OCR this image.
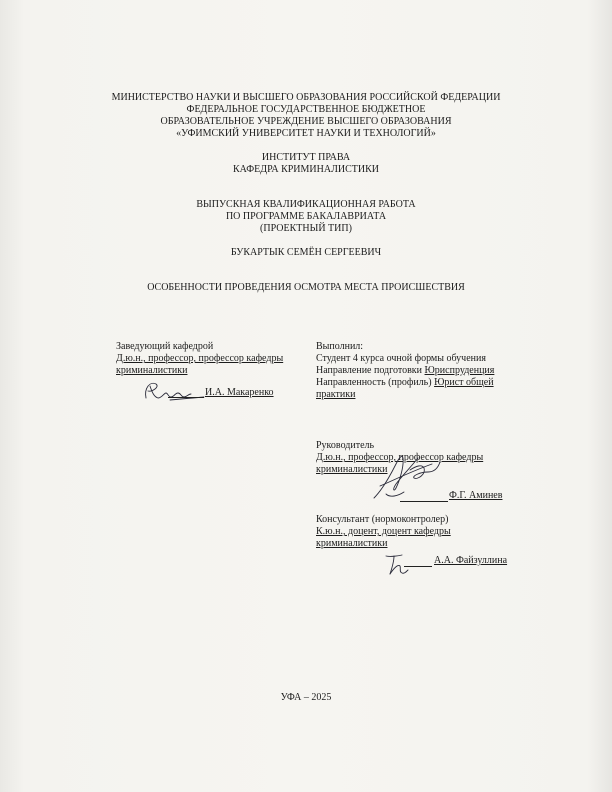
МИНИСТЕРСТВО НАУКИ И ВЫСШЕГО ОБРАЗОВАНИЯ РОССИЙСКОЙ ФЕДЕРАЦИИ
ФЕДЕРАЛЬНОЕ ГОСУДАРСТВЕННОЕ БЮДЖЕТНОЕ
ОБРАЗОВАТЕЛЬНОЕ УЧРЕЖДЕНИЕ ВЫСШЕГО ОБРАЗОВАНИЯ
«УФИМСКИЙ УНИВЕРСИТЕТ НАУКИ И ТЕХНОЛОГИЙ»
ИНСТИТУТ ПРАВА
КАФЕДРА КРИМИНАЛИСТИКИ
ВЫПУСКНАЯ КВАЛИФИКАЦИОННАЯ РАБОТА
ПО ПРОГРАММЕ БАКАЛАВРИАТА
(ПРОЕКТНЫЙ ТИП)
БУКАРТЫК СЕМЁН СЕРГЕЕВИЧ
ОСОБЕННОСТИ ПРОВЕДЕНИЯ ОСМОТРА МЕСТА ПРОИСШЕСТВИЯ
Заведующий кафедрой
Д.ю.н., профессор, профессор кафедры
криминалистики
И.А. Макаренко
Выполнил:
Студент 4 курса очной формы обучения
Направление подготовки Юриспруденция
Направленность (профиль) Юрист общей
практики
Руководитель
Д.ю.н., профессор, профессор кафедры
криминалистики
Ф.Г. Аминев
Консультант (нормоконтролер)
К.ю.н., доцент, доцент кафедры
криминалистики
А.А. Файзуллина
УФА – 2025
